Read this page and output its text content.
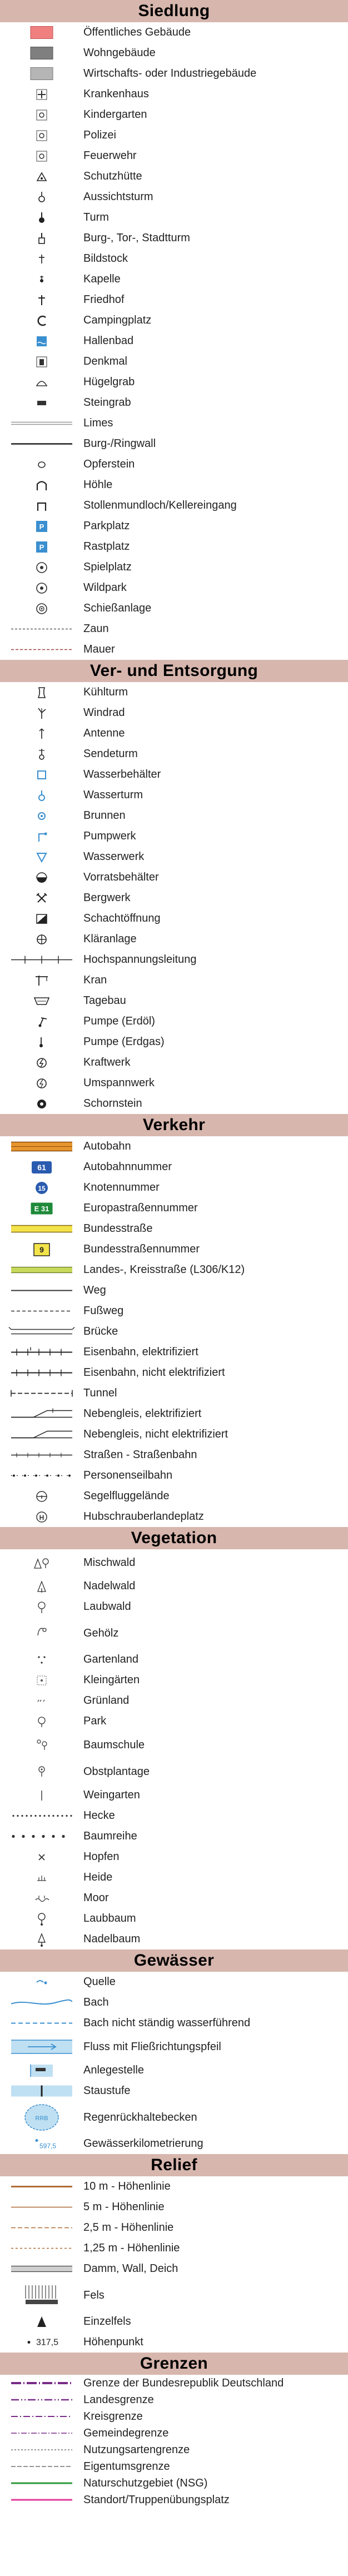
Siedlung
Öffentliches Gebäude
Wohngebäude
Wirtschafts- oder Industriegebäude
Krankenhaus
Kindergarten
Polizei
Feuerwehr
Schutzhütte
Aussichtsturm
Turm
Burg-, Tor-, Stadtturm
Bildstock
Kapelle
Friedhof
Campingplatz
Hallenbad
Denkmal
Hügelgrab
Steingrab
Limes
Burg-/Ringwall
Opferstein
Höhle
Stollenmundloch/Kellereingang
P	Parkplatz
P	Rastplatz
Spielplatz
Wildpark
Schießanlage
Zaun
Mauer
Ver- und Entsorgung
Kühlturm
Windrad
Antenne
Sendeturm
Wasserbehälter
Wasserturm
Brunnen
Pumpwerk
Wasserwerk
Vorratsbehälter
Bergwerk
Schachtöffnung
Kläranlage
Hochspannungsleitung
Kran
Tagebau
Pumpe (Erdöl)
Pumpe (Erdgas)
Kraftwerk
Umspannwerk
Schornstein
Verkehr
Autobahn
61	Autobahnnummer
15	Knotennummer
E 31	Europastraßennummer
Bundesstraße
9	Bundesstraßennummer
Landes-, Kreisstraße (L306/K12)
Weg
Fußweg
Brücke
Eisenbahn, elektrifiziert
Eisenbahn, nicht elektrifiziert
Tunnel
Nebengleis, elektrifiziert
Nebengleis, nicht elektrifiziert
Straßen - Straßenbahn
Personenseilbahn
Segelfluggelände
H	Hubschrauberlandeplatz
Vegetation
Mischwald
Nadelwald
Laubwald
Gehölz
Gartenland
Kleingärten
Grünland
Park
Baumschule
Obstplantage
Weingarten
Hecke
Baumreihe
Hopfen
Heide
Moor
Laubbaum
Nadelbaum
Gewässer
Quelle
Bach
Bach nicht ständig wasserführend
Fluss mit Fließrichtungspfeil
Anlegestelle
Staustufe
RRB	Regenrückhaltebecken
597,5 Gewässerkilometrierung
Relief
10 m - Höhenlinie
5 m - Höhenlinie
2,5 m - Höhenlinie
1,25 m - Höhenlinie
Damm, Wall, Deich
Fels
Einzelfels
317,5 Höhenpunkt
Grenzen
Grenze der Bundesrepublik Deutschland
Landesgrenze
Kreisgrenze
Gemeindegrenze
Nutzungsartengrenze
Eigentumsgrenze
Naturschutzgebiet (NSG)
Standort/Truppenübungsplatz
